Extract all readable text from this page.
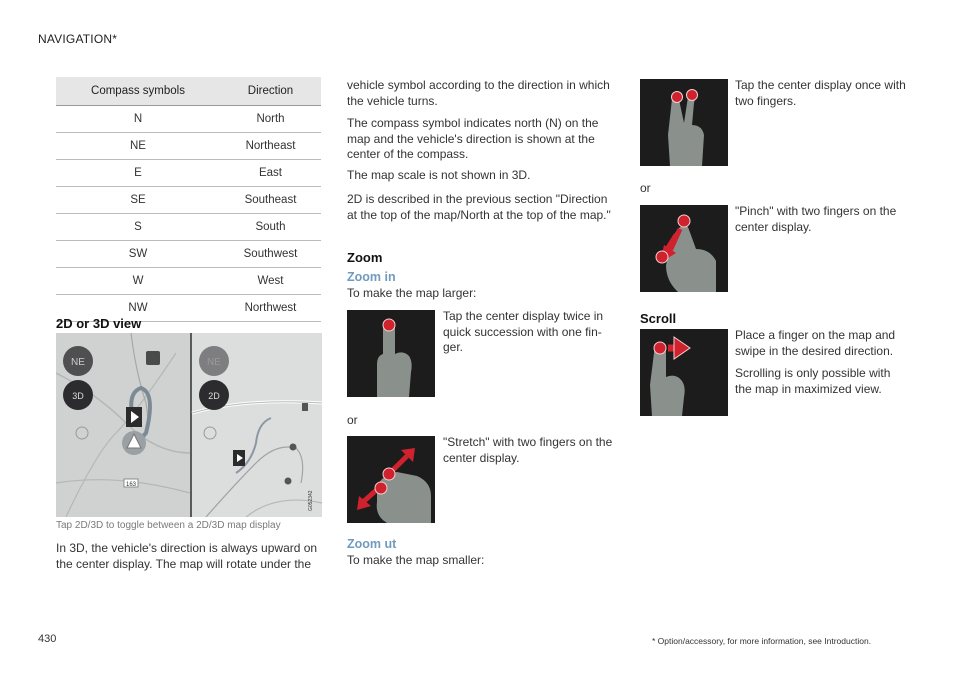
NAVIGATION*
Compass symbols	Direction
N	North
NE	Northeast
E	East
SE	Southeast
S	South
SW	Southwest
W	West
NW	Northwest
2D or 3D view
NE
3D
163
NE
2D
G052342
Tap 2D/3D to toggle between a 2D/3D map display

In 3D, the vehicle's direction is always upward on the center display. The map will rotate under the

vehicle symbol according to the direction in which the vehicle turns.

The compass symbol indicates north (N) on the map and the vehicle's direction is shown at the center of the compass.

The map scale is not shown in 3D.

2D is described in the previous section "Direction at the top of the map/North at the top of the map."

Zoom
Zoom in

To make the map larger:

Tap the center display twice in quick succession with one fin-ger.

or

"Stretch" with two fingers on the center display.

Zoom ut

To make the map smaller:

Tap the center display once with two fingers.

or

"Pinch" with two fingers on the center display.

Scroll

Place a finger on the map and swipe in the desired direction.

Scrolling is only possible with the map in maximized view.

* Option/accessory, for more information, see Introduction.
430
